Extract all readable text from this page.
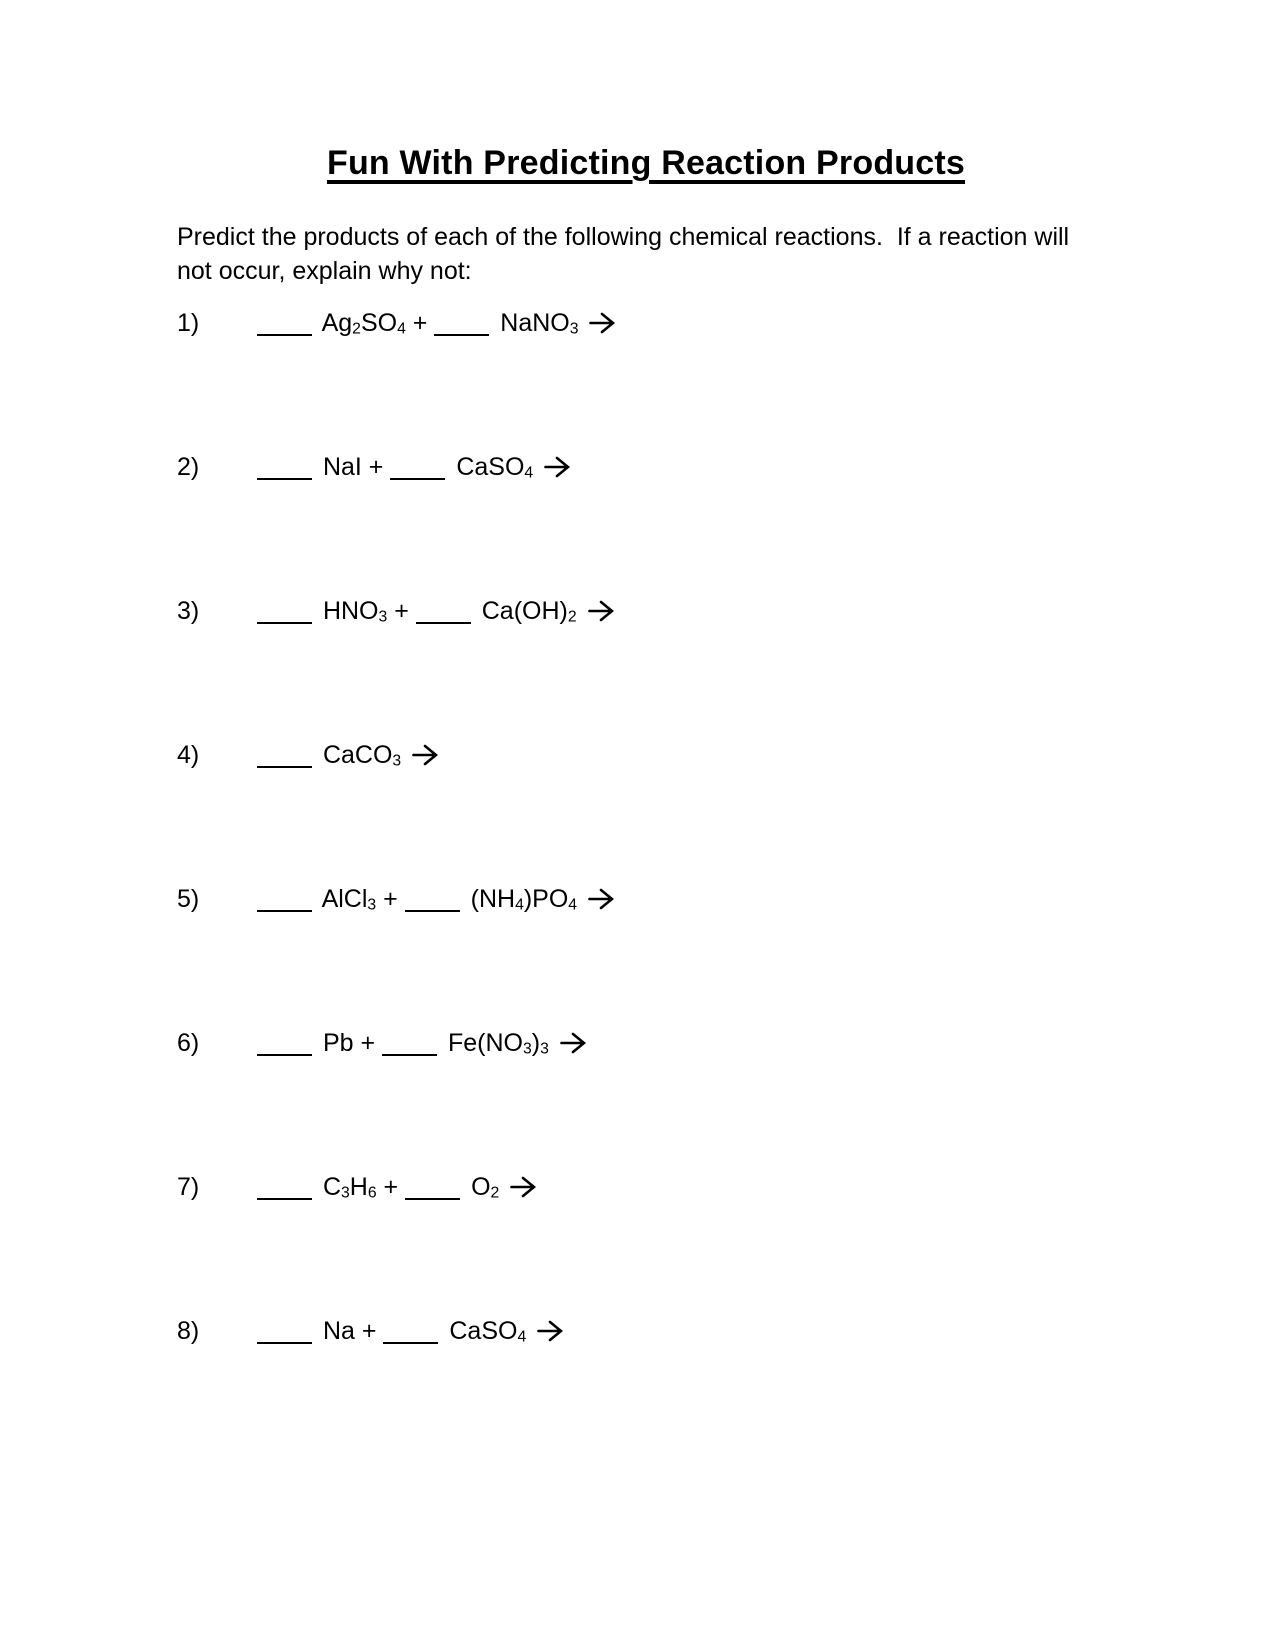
Fun With Predicting Reaction Products
Predict the products of each of the following chemical reactions.  If a reaction will
not occur, explain why not:
1)	$Ag_2SO_4$ +	NaNO$_3$
2)	NaI +	CaSO$_4$
3)	$HNO_3$ +	$Ca(OH)_2$
4)	CaCO$_3$
5)	AlCl$_3$ +	$(NH_4)PO_4$
6)	Pb +	$Fe(NO_3)_3$
7)	$C_3H_6$ +	$O_2$
8)	Na +	CaSO$_4$
